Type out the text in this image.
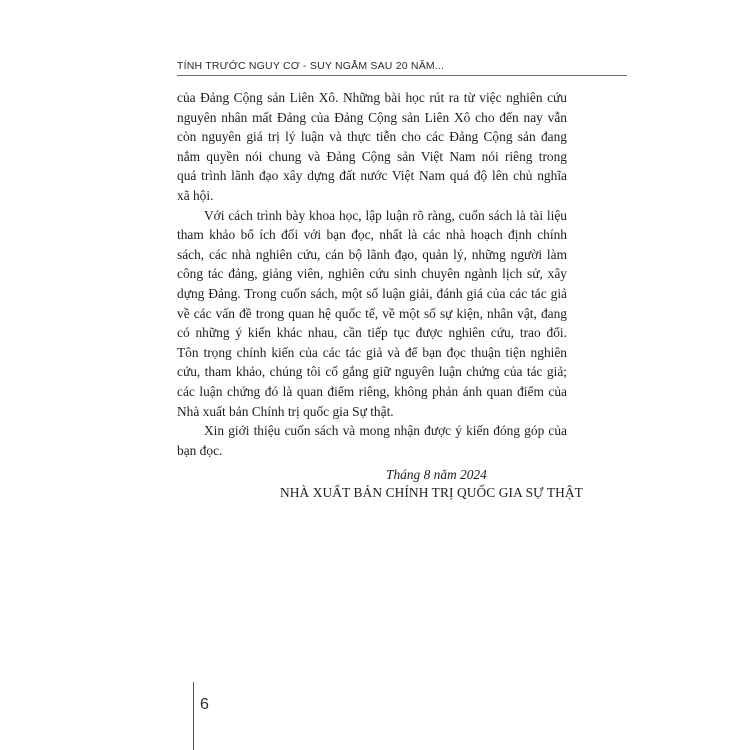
TÍNH TRƯỚC NGUY CƠ - SUY NGẪM SAU 20 NĂM...
của Đảng Cộng sản Liên Xô. Những bài học rút ra từ việc nghiên cứu
nguyên nhân mất Đảng của Đảng Cộng sản Liên Xô cho đến nay vẫn
còn nguyên giá trị lý luận và thực tiễn cho các Đảng Cộng sản đang
nắm quyền nói chung và Đảng Cộng sản Việt Nam nói riêng trong
quá trình lãnh đạo xây dựng đất nước Việt Nam quá độ lên chủ nghĩa
xã hội.
Với cách trình bày khoa học, lập luận rõ ràng, cuốn sách là tài liệu
tham khảo bổ ích đối với bạn đọc, nhất là các nhà hoạch định chính
sách, các nhà nghiên cứu, cán bộ lãnh đạo, quản lý, những người làm
công tác đảng, giảng viên, nghiên cứu sinh chuyên ngành lịch sử, xây
dựng Đảng. Trong cuốn sách, một số luận giải, đánh giá của các tác giả
về các vấn đề trong quan hệ quốc tế, về một số sự kiện, nhân vật, đang
có những ý kiến khác nhau, cần tiếp tục được nghiên cứu, trao đổi.
Tôn trọng chính kiến của các tác giả và để bạn đọc thuận tiện nghiên
cứu, tham khảo, chúng tôi cố gắng giữ nguyên luận chứng của tác giả;
các luận chứng đó là quan điểm riêng, không phản ánh quan điểm của
Nhà xuất bản Chính trị quốc gia Sự thật.
Xin giới thiệu cuốn sách và mong nhận được ý kiến đóng góp của
bạn đọc.
Tháng 8 năm 2024
NHÀ XUẤT BẢN CHÍNH TRỊ QUỐC GIA SỰ THẬT
6
